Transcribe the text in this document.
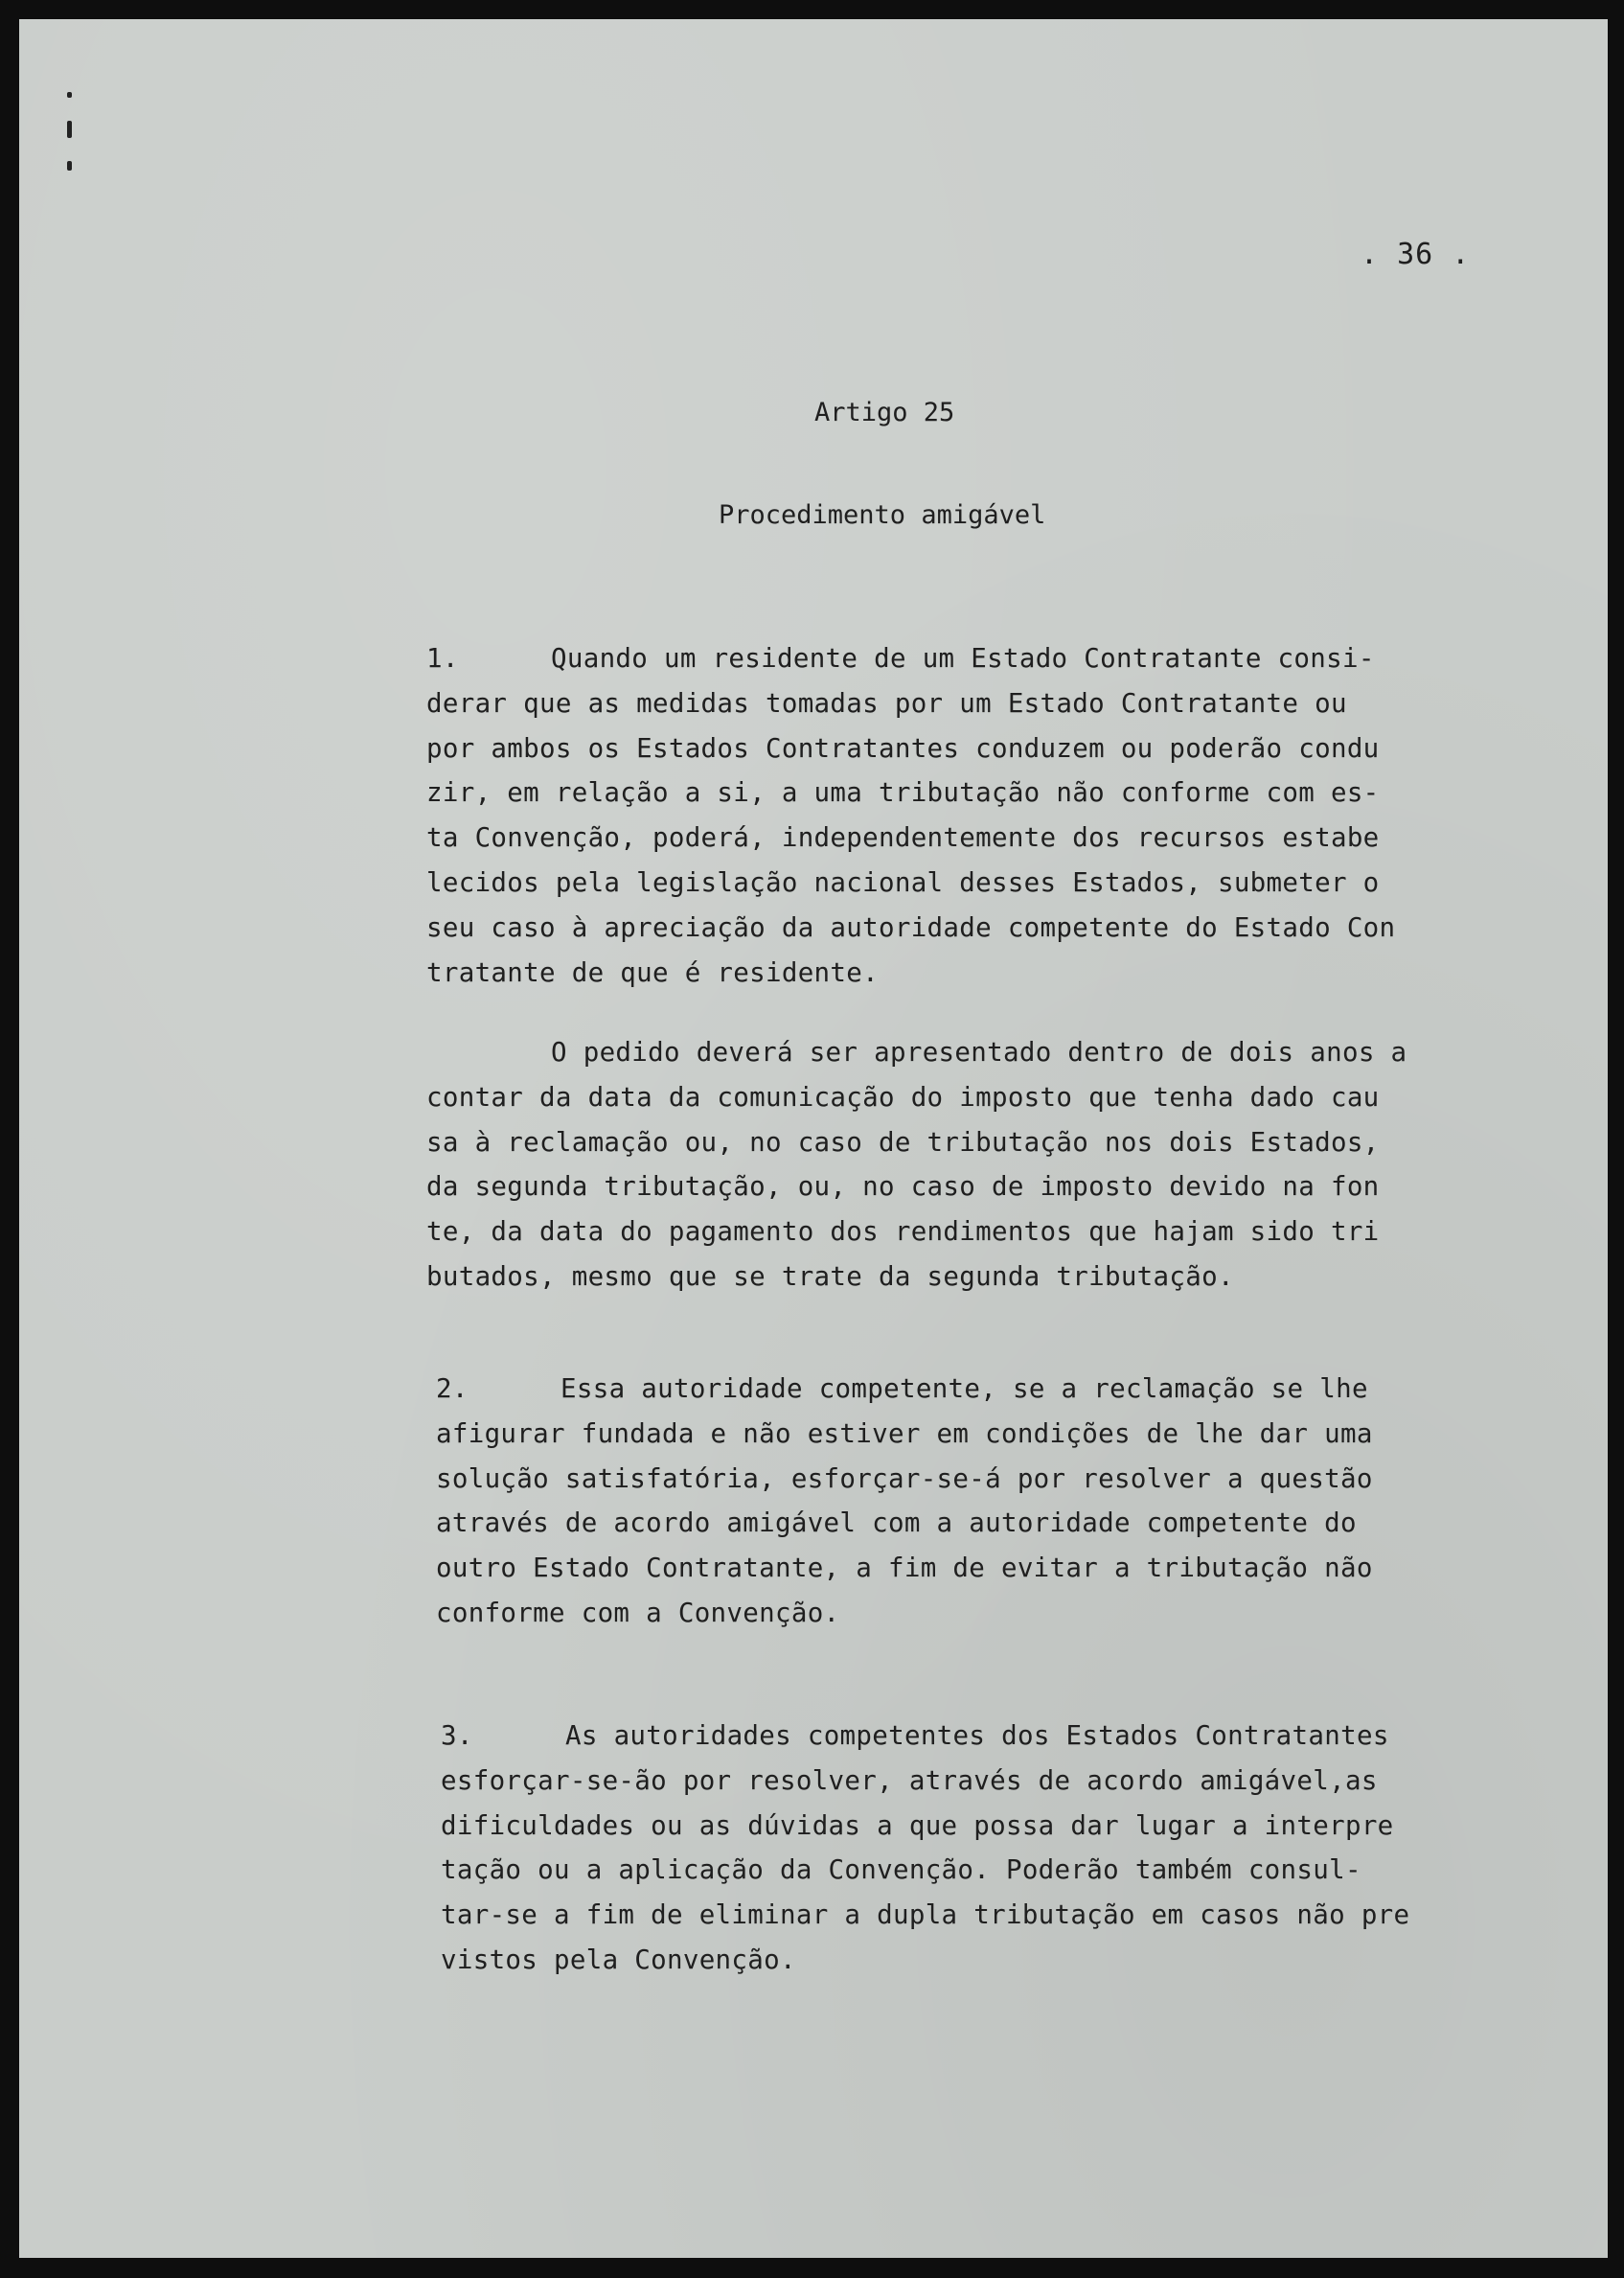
. 36 .
Artigo 25
Procedimento amigável

1.	Quando um residente de um Estado Contratante consi-
derar que as medidas tomadas por um Estado Contratante ou
por ambos os Estados Contratantes conduzem ou poderão condu
zir, em relação a si, a uma tributação não conforme com es-
ta Convenção, poderá, independentemente dos recursos estabe
lecidos pela legislação nacional desses Estados, submeter o
seu caso à apreciação da autoridade competente do Estado Con
tratante de que é residente.

O pedido deverá ser apresentado dentro de dois anos a
contar da data da comunicação do imposto que tenha dado cau
sa à reclamação ou, no caso de tributação nos dois Estados,
da segunda tributação, ou, no caso de imposto devido na fon
te, da data do pagamento dos rendimentos que hajam sido tri
butados, mesmo que se trate da segunda tributação.

2.	Essa autoridade competente, se a reclamação se lhe
afigurar fundada e não estiver em condições de lhe dar uma
solução satisfatória, esforçar-se-á por resolver a questão
através de acordo amigável com a autoridade competente do
outro Estado Contratante, a fim de evitar a tributação não
conforme com a Convenção.

3.	As autoridades competentes dos Estados Contratantes
esforçar-se-ão por resolver, através de acordo amigável,as
dificuldades ou as dúvidas a que possa dar lugar a interpre
tação ou a aplicação da Convenção. Poderão também consul-
tar-se a fim de eliminar a dupla tributação em casos não pre
vistos pela Convenção.
